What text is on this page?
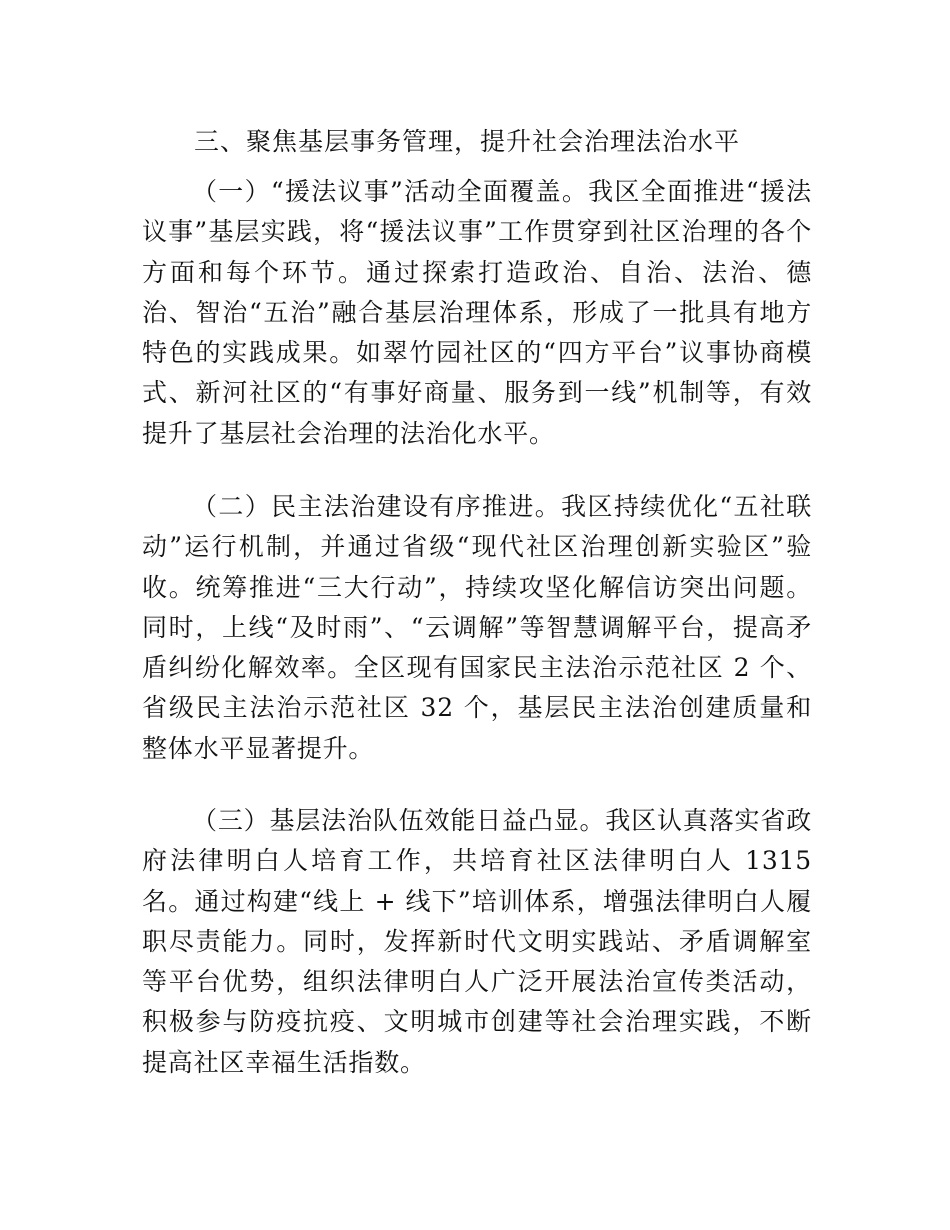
三、聚焦基层事务管理，提升社会治理法治水平
（一）“援法议事”活动全面覆盖。我区全面推进“援法议事”基层实践，将“援法议事”工作贯穿到社区治理的各个方面和每个环节。通过探索打造政治、自治、法治、德治、智治“五治”融合基层治理体系，形成了一批具有地方特色的实践成果。如翠竹园社区的“四方平台”议事协商模式、新河社区的“有事好商量、服务到一线”机制等，有效提升了基层社会治理的法治化水平。
（二）民主法治建设有序推进。我区持续优化“五社联动”运行机制，并通过省级“现代社区治理创新实验区”验收。统筹推进“三大行动”，持续攻坚化解信访突出问题。同时，上线“及时雨”、“云调解”等智慧调解平台，提高矛盾纠纷化解效率。全区现有国家民主法治示范社区 2 个、省级民主法治示范社区 32 个，基层民主法治创建质量和整体水平显著提升。
（三）基层法治队伍效能日益凸显。我区认真落实省政府法律明白人培育工作，共培育社区法律明白人 1315 名。通过构建“线上 + 线下”培训体系，增强法律明白人履职尽责能力。同时，发挥新时代文明实践站、矛盾调解室等平台优势，组织法律明白人广泛开展法治宣传类活动，积极参与防疫抗疫、文明城市创建等社会治理实践，不断提高社区幸福生活指数。
